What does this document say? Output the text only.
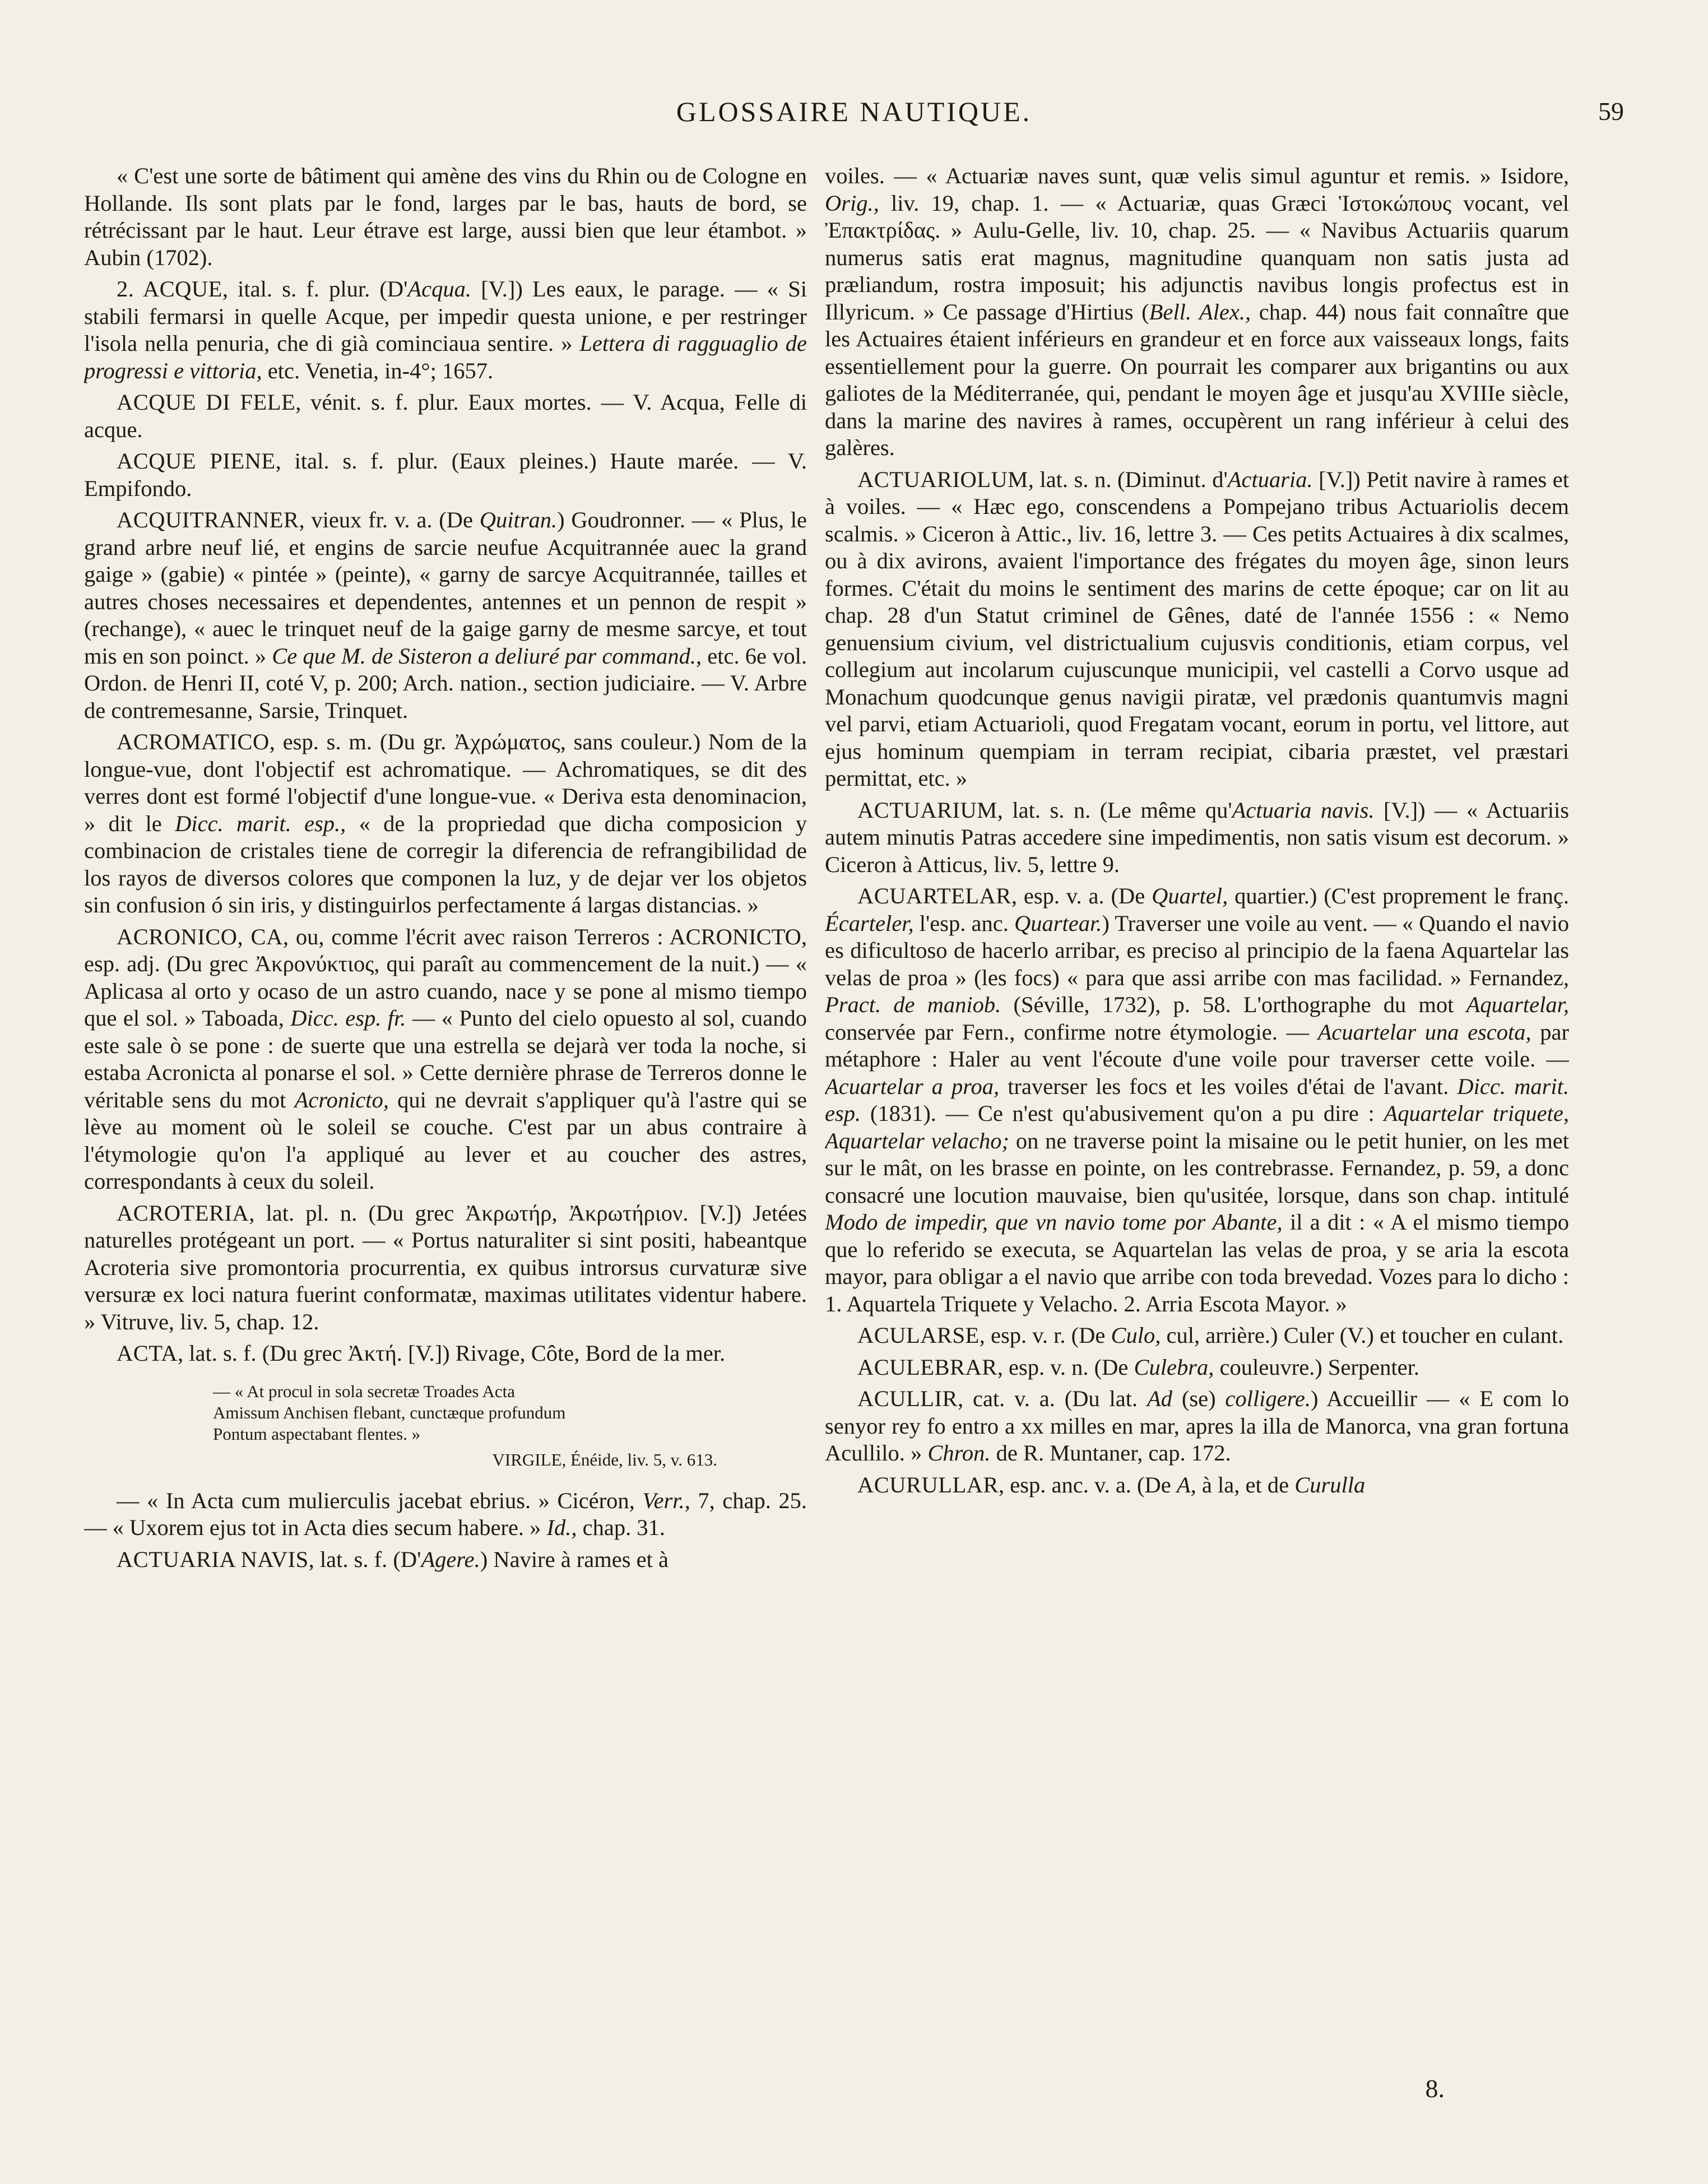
GLOSSAIRE NAUTIQUE.	59

« C'est une sorte de bâtiment qui amène des vins du Rhin ou de Cologne en Hollande. Ils sont plats par le fond, larges par le bas, hauts de bord, se rétrécissant par le haut. Leur étrave est large, aussi bien que leur étambot. » Aubin (1702).

2. ACQUE, ital. s. f. plur. (D'Acqua. [V.]) Les eaux, le parage. — « Si stabili fermarsi in quelle Acque, per impedir questa unione, e per restringer l'isola nella penuria, che di già cominciaua sentire. » Lettera di ragguaglio de progressi e vittoria, etc. Venetia, in-4°; 1657.

ACQUE DI FELE, vénit. s. f. plur. Eaux mortes. — V. Acqua, Felle di acque.

ACQUE PIENE, ital. s. f. plur. (Eaux pleines.) Haute marée. — V. Empifondo.

ACQUITRANNER, vieux fr. v. a. (De Quitran.) Goudronner. — « Plus, le grand arbre neuf lié, et engins de sarcie neufue Acquitrannée auec la grand gaige » (gabie) « pintée » (peinte), « garny de sarcye Acquitrannée, tailles et autres choses necessaires et dependentes, antennes et un pennon de respit » (rechange), « auec le trinquet neuf de la gaige garny de mesme sarcye, et tout mis en son poinct. » Ce que M. de Sisteron a deliuré par command., etc. 6e vol. Ordon. de Henri II, coté V, p. 200; Arch. nation., section judiciaire. — V. Arbre de contremesanne, Sarsie, Trinquet.

ACROMATICO, esp. s. m. (Du gr. Ἀχρώματος, sans couleur.) Nom de la longue-vue, dont l'objectif est achromatique. — Achromatiques, se dit des verres dont est formé l'objectif d'une longue-vue. « Deriva esta denominacion, » dit le Dicc. marit. esp., « de la propriedad que dicha composicion y combinacion de cristales tiene de corregir la diferencia de refrangibilidad de los rayos de diversos colores que componen la luz, y de dejar ver los objetos sin confusion ó sin iris, y distinguirlos perfectamente á largas distancias. »

ACRONICO, CA, ou, comme l'écrit avec raison Terreros : ACRONICTO, esp. adj. (Du grec Ἀκρονύκτιος, qui paraît au commencement de la nuit.) — « Aplicasa al orto y ocaso de un astro cuando, nace y se pone al mismo tiempo que el sol. » Taboada, Dicc. esp. fr. — « Punto del cielo opuesto al sol, cuando este sale ò se pone : de suerte que una estrella se dejarà ver toda la noche, si estaba Acronicta al ponarse el sol. » Cette dernière phrase de Terreros donne le véritable sens du mot Acronicto, qui ne devrait s'appliquer qu'à l'astre qui se lève au moment où le soleil se couche. C'est par un abus contraire à l'étymologie qu'on l'a appliqué au lever et au coucher des astres, correspondants à ceux du soleil.

ACROTERIA, lat. pl. n. (Du grec Ἀκρωτήρ, Ἀκρωτήριον. [V.]) Jetées naturelles protégeant un port. — « Portus naturaliter si sint positi, habeantque Acroteria sive promontoria procurrentia, ex quibus introrsus curvaturæ sive versuræ ex loci natura fuerint conformatæ, maximas utilitates videntur habere. » Vitruve, liv. 5, chap. 12.

ACTA, lat. s. f. (Du grec Ἀκτή. [V.]) Rivage, Côte, Bord de la mer.

— « At procul in sola secretæ Troades Acta
Amissum Anchisen flebant, cunctæque profundum
Pontum aspectabant flentes. »
VIRGILE, Énéide, liv. 5, v. 613.

— « In Acta cum mulierculis jacebat ebrius. » Cicéron, Verr., 7, chap. 25. — « Uxorem ejus tot in Acta dies secum habere. » Id., chap. 31.

ACTUARIA NAVIS, lat. s. f. (D'Agere.) Navire à rames et à

voiles. — « Actuariæ naves sunt, quæ velis simul aguntur et remis. » Isidore, Orig., liv. 19, chap. 1. — « Actuariæ, quas Græci Ἱστοκώπους vocant, vel Ἐπακτρίδας. » Aulu-Gelle, liv. 10, chap. 25. — « Navibus Actuariis quarum numerus satis erat magnus, magnitudine quanquam non satis justa ad præliandum, rostra imposuit; his adjunctis navibus longis profectus est in Illyricum. » Ce passage d'Hirtius (Bell. Alex., chap. 44) nous fait connaître que les Actuaires étaient inférieurs en grandeur et en force aux vaisseaux longs, faits essentiellement pour la guerre. On pourrait les comparer aux brigantins ou aux galiotes de la Méditerranée, qui, pendant le moyen âge et jusqu'au XVIIIe siècle, dans la marine des navires à rames, occupèrent un rang inférieur à celui des galères.

ACTUARIOLUM, lat. s. n. (Diminut. d'Actuaria. [V.]) Petit navire à rames et à voiles. — « Hæc ego, conscendens a Pompejano tribus Actuariolis decem scalmis. » Ciceron à Attic., liv. 16, lettre 3. — Ces petits Actuaires à dix scalmes, ou à dix avirons, avaient l'importance des frégates du moyen âge, sinon leurs formes. C'était du moins le sentiment des marins de cette époque; car on lit au chap. 28 d'un Statut criminel de Gênes, daté de l'année 1556 : « Nemo genuensium civium, vel districtualium cujusvis conditionis, etiam corpus, vel collegium aut incolarum cujuscunque municipii, vel castelli a Corvo usque ad Monachum quodcunque genus navigii piratæ, vel prædonis quantumvis magni vel parvi, etiam Actuarioli, quod Fregatam vocant, eorum in portu, vel littore, aut ejus hominum quempiam in terram recipiat, cibaria præstet, vel præstari permittat, etc. »

ACTUARIUM, lat. s. n. (Le même qu'Actuaria navis. [V.]) — « Actuariis autem minutis Patras accedere sine impedimentis, non satis visum est decorum. » Ciceron à Atticus, liv. 5, lettre 9.

ACUARTELAR, esp. v. a. (De Quartel, quartier.) (C'est proprement le franç. Écarteler, l'esp. anc. Quartear.) Traverser une voile au vent. — « Quando el navio es dificultoso de hacerlo arribar, es preciso al principio de la faena Aquartelar las velas de proa » (les focs) « para que assi arribe con mas facilidad. » Fernandez, Pract. de maniob. (Séville, 1732), p. 58. L'orthographe du mot Aquartelar, conservée par Fern., confirme notre étymologie. — Acuartelar una escota, par métaphore : Haler au vent l'écoute d'une voile pour traverser cette voile. — Acuartelar a proa, traverser les focs et les voiles d'étai de l'avant. Dicc. marit. esp. (1831). — Ce n'est qu'abusivement qu'on a pu dire : Aquartelar triquete, Aquartelar velacho; on ne traverse point la misaine ou le petit hunier, on les met sur le mât, on les brasse en pointe, on les contrebrasse. Fernandez, p. 59, a donc consacré une locution mauvaise, bien qu'usitée, lorsque, dans son chap. intitulé Modo de impedir, que vn navio tome por Abante, il a dit : « A el mismo tiempo que lo referido se executa, se Aquartelan las velas de proa, y se aria la escota mayor, para obligar a el navio que arribe con toda brevedad. Vozes para lo dicho : 1. Aquartela Triquete y Velacho. 2. Arria Escota Mayor. »

ACULARSE, esp. v. r. (De Culo, cul, arrière.) Culer (V.) et toucher en culant.

ACULEBRAR, esp. v. n. (De Culebra, couleuvre.) Serpenter.

ACULLIR, cat. v. a. (Du lat. Ad (se) colligere.) Accueillir — « E com lo senyor rey fo entro a xx milles en mar, apres la illa de Manorca, vna gran fortuna Acullilo. » Chron. de R. Muntaner, cap. 172.

ACURULLAR, esp. anc. v. a. (De A, à la, et de Curulla

8.
